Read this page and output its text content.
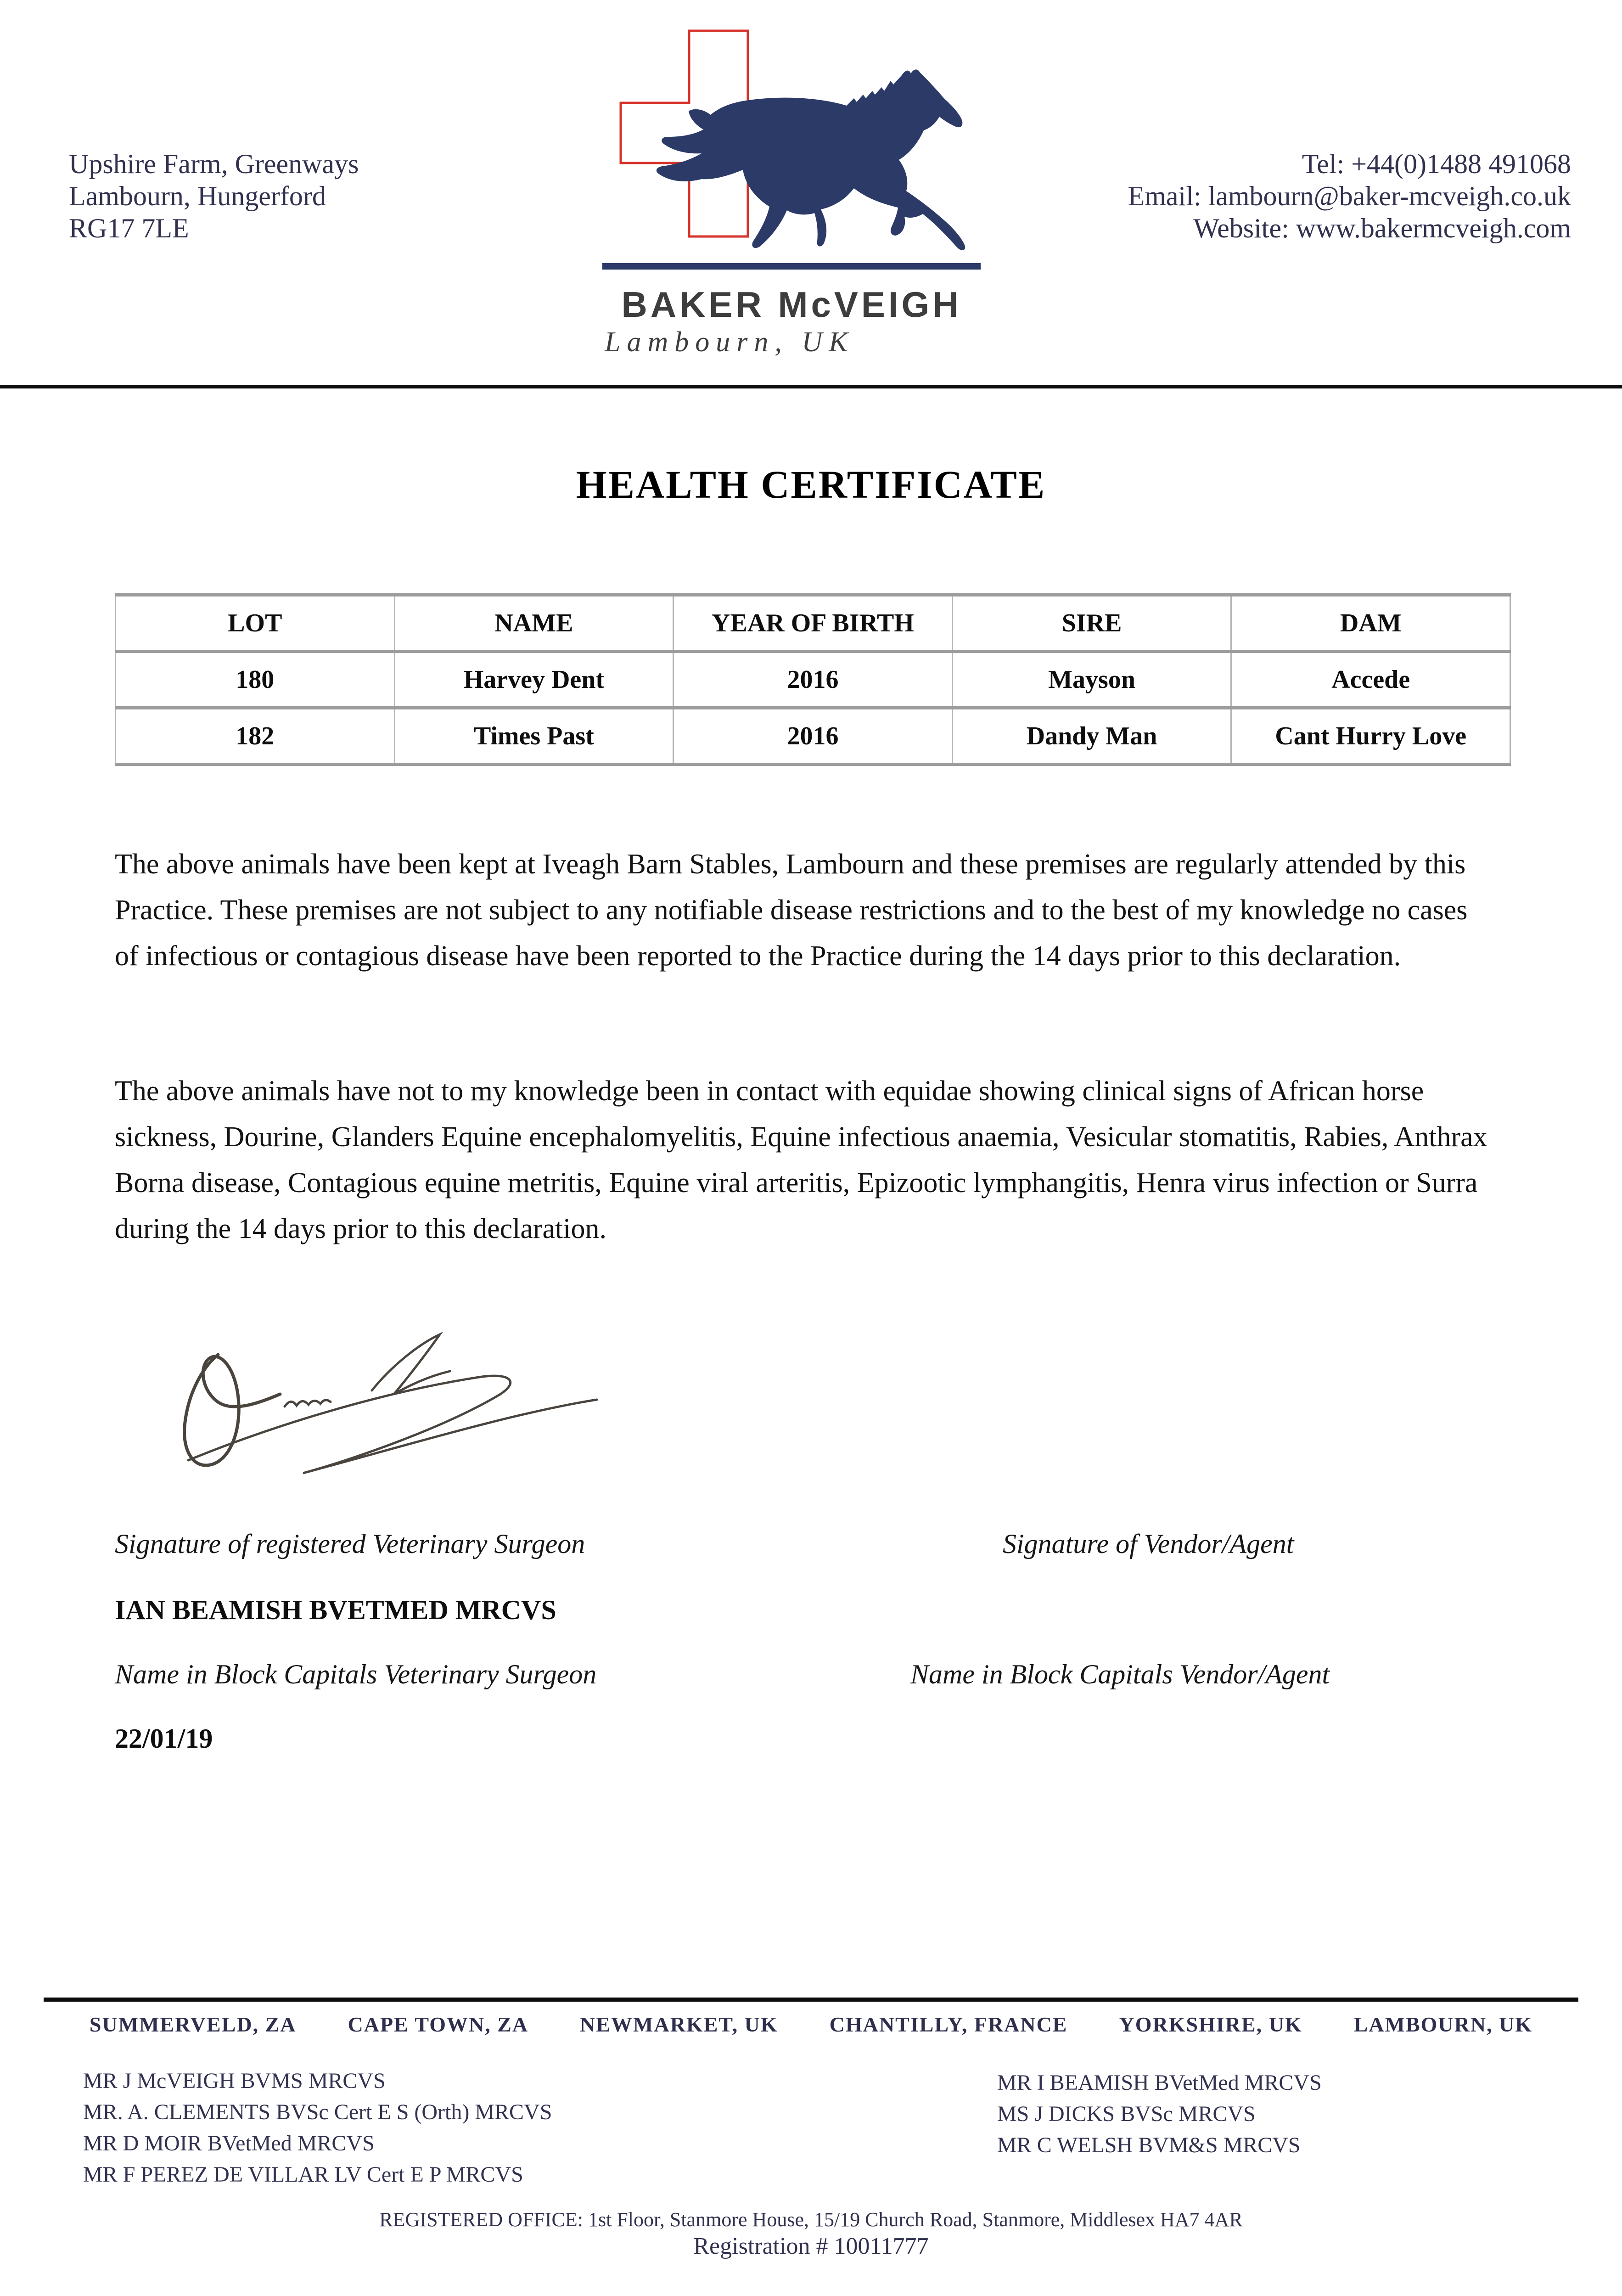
Upshire Farm, Greenways
Lambourn, Hungerford
RG17 7LE
Tel: +44(0)1488 491068
Email: lambourn@baker-mcveigh.co.uk
Website: www.bakermcveigh.com
BAKER McVEIGH
Lambourn, UK
HEALTH CERTIFICATE
LOT	NAME	YEAR OF BIRTH	SIRE	DAM
180	Harvey Dent	2016	Mayson	Accede
182	Times Past	2016	Dandy Man	Cant Hurry Love

The above animals have been kept at Iveagh Barn Stables, Lambourn and these premises are regularly attended by this Practice. These premises are not subject to any notifiable disease restrictions and to the best of my knowledge no cases of infectious or contagious disease have been reported to the Practice during the 14 days prior to this declaration.

The above animals have not to my knowledge been in contact with equidae showing clinical signs of African horse sickness, Dourine, Glanders Equine encephalomyelitis, Equine infectious anaemia, Vesicular stomatitis, Rabies, Anthrax Borna disease, Contagious equine metritis, Equine viral arteritis, Epizootic lymphangitis, Henra virus infection or Surra during the 14 days prior to this declaration.

Signature of registered Veterinary Surgeon	Signature of Vendor/Agent
IAN BEAMISH BVETMED MRCVS
Name in Block Capitals Veterinary Surgeon	Name in Block Capitals Vendor/Agent
22/01/19
SUMMERVELD, ZA CAPE TOWN, ZA NEWMARKET, UK CHANTILLY, FRANCE YORKSHIRE, UK LAMBOURN, UK
MR J McVEIGH BVMS MRCVS
MR. A. CLEMENTS BVSc Cert E S (Orth) MRCVS
MR D MOIR BVetMed MRCVS
MR F PEREZ DE VILLAR LV Cert E P MRCVS
MR I BEAMISH BVetMed MRCVS
MS J DICKS BVSc MRCVS
MR C WELSH BVM&S MRCVS
REGISTERED OFFICE: 1st Floor, Stanmore House, 15/19 Church Road, Stanmore, Middlesex HA7 4AR
Registration # 10011777
